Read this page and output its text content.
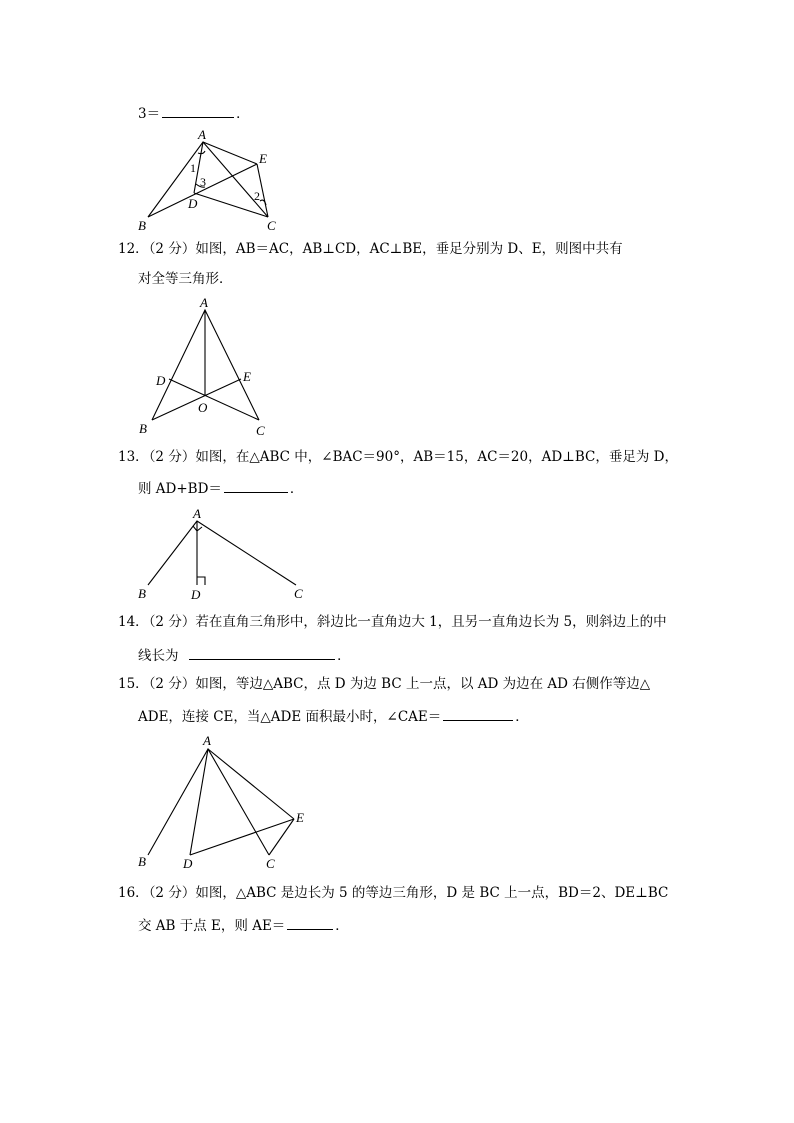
3＝	．
A
E
B	C
D
1
3
2
12．（2 分）如图，AB＝AC，AB⊥CD，AC⊥BE，垂足分别为 D、E，则图中共有
对全等三角形．
A
D	E
O
B	C
13．（2 分）如图，在△ABC 中，∠BAC＝90°，AB＝15，AC＝20，AD⊥BC，垂足为 D，
则 AD+BD＝	．
A
B	D	C
14．（2 分）若在直角三角形中，斜边比一直角边大 1，且另一直角边长为 5，则斜边上的中
线长为	．
15．（2 分）如图，等边△ABC，点 D 为边 BC 上一点，以 AD 为边在 AD 右侧作等边△
ADE，连接 CE，当△ADE 面积最小时，∠CAE＝	．
A
E
B	D	C
16．（2 分）如图，△ABC 是边长为 5 的等边三角形，D 是 BC 上一点，BD＝2、DE⊥BC
交 AB 于点 E，则 AE＝	．
